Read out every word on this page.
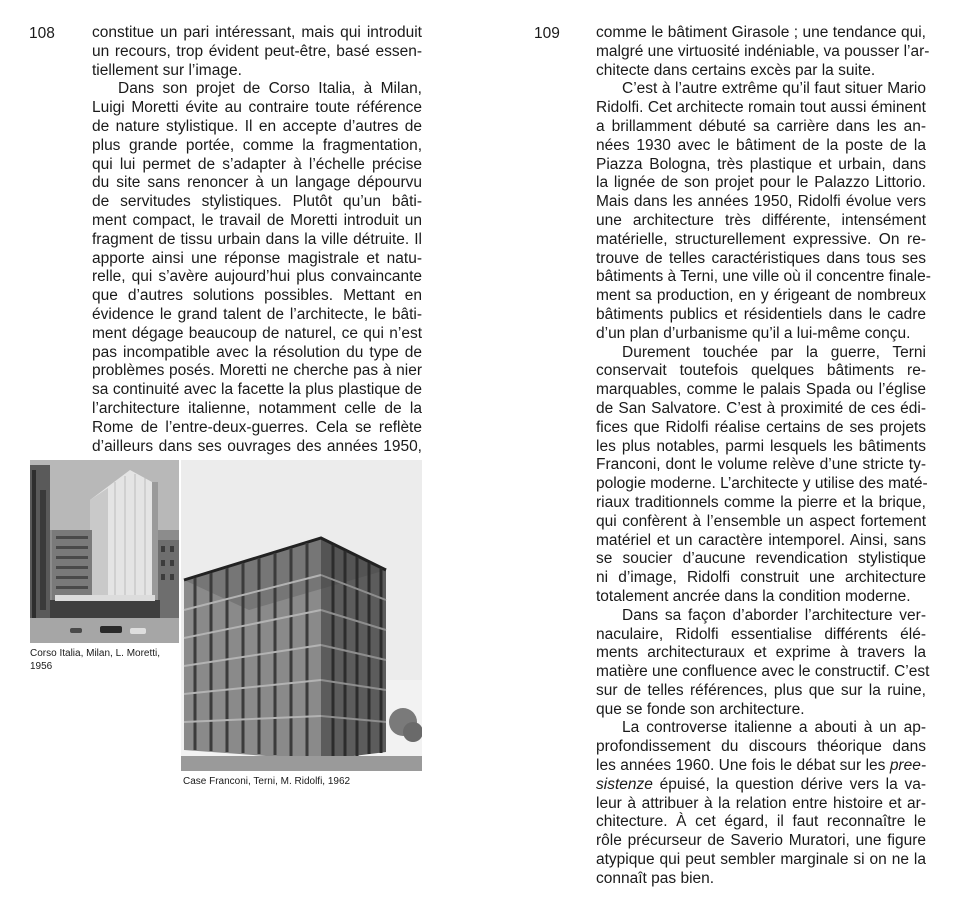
108	109
constitue un pari intéressant, mais qui introduit
un recours, trop évident peut-être, basé essen-
tiellement sur l’image.
Dans son projet de Corso Italia, à Milan,
Luigi Moretti évite au contraire toute référence
de nature stylistique. Il en accepte d’autres de
plus grande portée, comme la fragmentation,
qui lui permet de s’adapter à l’échelle précise
du site sans renoncer à un langage dépourvu
de servitudes stylistiques. Plutôt qu’un bâti-
ment compact, le travail de Moretti introduit un
fragment de tissu urbain dans la ville détruite. Il
apporte ainsi une réponse magistrale et natu-
relle, qui s’avère aujourd’hui plus convaincante
que d’autres solutions possibles. Mettant en
évidence le grand talent de l’architecte, le bâti-
ment dégage beaucoup de naturel, ce qui n’est
pas incompatible avec la résolution du type de
problèmes posés. Moretti ne cherche pas à nier
sa continuité avec la facette la plus plastique de
l’architecture italienne, notamment celle de la
Rome de l’entre-deux-guerres. Cela se reflète
d’ailleurs dans ses ouvrages des années 1950,
comme le bâtiment Girasole ; une tendance qui,
malgré une virtuosité indéniable, va pousser l’ar-
chitecte dans certains excès par la suite.
C’est à l’autre extrême qu’il faut situer Mario
Ridolfi. Cet architecte romain tout aussi éminent
a brillamment débuté sa carrière dans les an-
nées 1930 avec le bâtiment de la poste de la
Piazza Bologna, très plastique et urbain, dans
la lignée de son projet pour le Palazzo Littorio.
Mais dans les années 1950, Ridolfi évolue vers
une architecture très différente, intensément
matérielle, structurellement expressive. On re-
trouve de telles caractéristiques dans tous ses
bâtiments à Terni, une ville où il concentre finale-
ment sa production, en y érigeant de nombreux
bâtiments publics et résidentiels dans le cadre
d’un plan d’urbanisme qu’il a lui-même conçu.
Durement touchée par la guerre, Terni
conservait toutefois quelques bâtiments re-
marquables, comme le palais Spada ou l’église
de San Salvatore. C’est à proximité de ces édi-
fices que Ridolfi réalise certains de ses projets
les plus notables, parmi lesquels les bâtiments
Franconi, dont le volume relève d’une stricte ty-
pologie moderne. L’architecte y utilise des maté-
riaux traditionnels comme la pierre et la brique,
qui confèrent à l’ensemble un aspect fortement
matériel et un caractère intemporel. Ainsi, sans
se soucier d’aucune revendication stylistique
ni d’image, Ridolfi construit une architecture
totalement ancrée dans la condition moderne.
Dans sa façon d’aborder l’architecture ver-
naculaire, Ridolfi essentialise différents élé-
ments architecturaux et exprime à travers la
matière une confluence avec le constructif. C’est
sur de telles références, plus que sur la ruine,
que se fonde son architecture.
La controverse italienne a abouti à un ap-
profondissement du discours théorique dans
les années 1960. Une fois le débat sur les pree-
sistenze épuisé, la question dérive vers la va-
leur à attribuer à la relation entre histoire et ar-
chitecture. À cet égard, il faut reconnaître le
rôle précurseur de Saverio Muratori, une figure
atypique qui peut sembler marginale si on ne la
connaît pas bien.
Corso Italia, Milan, L. Moretti,
1956
Case Franconi, Terni, M. Ridolfi, 1962
